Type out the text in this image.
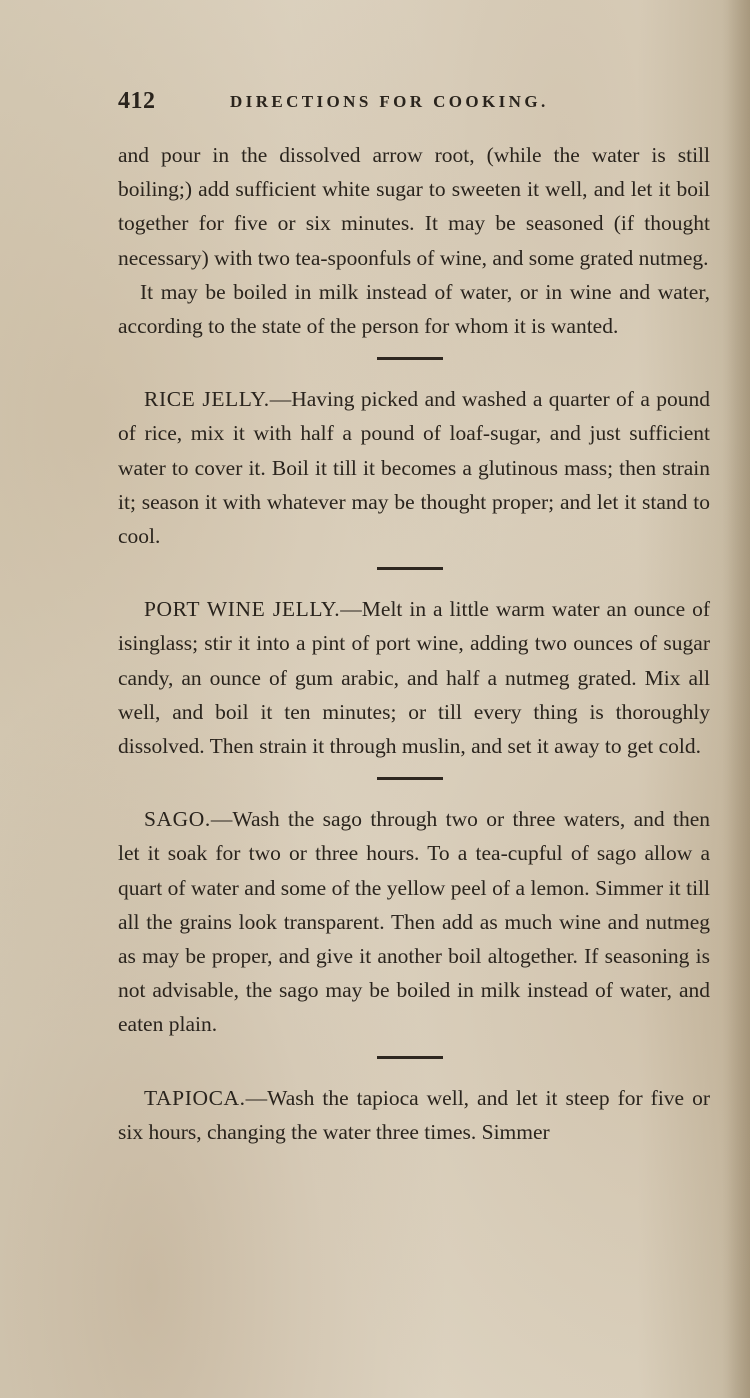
412	DIRECTIONS FOR COOKING.

and pour in the dissolved arrow root, (while the water is still boiling;) add sufficient white sugar to sweeten it well, and let it boil together for five or six minutes. It may be seasoned (if thought necessary) with two tea-spoonfuls of wine, and some grated nutmeg.

It may be boiled in milk instead of water, or in wine and water, according to the state of the person for whom it is wanted.

RICE JELLY.—Having picked and washed a quarter of a pound of rice, mix it with half a pound of loaf-sugar, and just sufficient water to cover it. Boil it till it becomes a glutinous mass; then strain it; season it with whatever may be thought proper; and let it stand to cool.

PORT WINE JELLY.—Melt in a little warm water an ounce of isinglass; stir it into a pint of port wine, adding two ounces of sugar candy, an ounce of gum arabic, and half a nutmeg grated. Mix all well, and boil it ten minutes; or till every thing is thoroughly dissolved. Then strain it through muslin, and set it away to get cold.

SAGO.—Wash the sago through two or three waters, and then let it soak for two or three hours. To a tea-cupful of sago allow a quart of water and some of the yellow peel of a lemon. Simmer it till all the grains look transparent. Then add as much wine and nutmeg as may be proper, and give it another boil altogether. If seasoning is not advisable, the sago may be boiled in milk instead of water, and eaten plain.

TAPIOCA.—Wash the tapioca well, and let it steep for five or six hours, changing the water three times. Simmer
